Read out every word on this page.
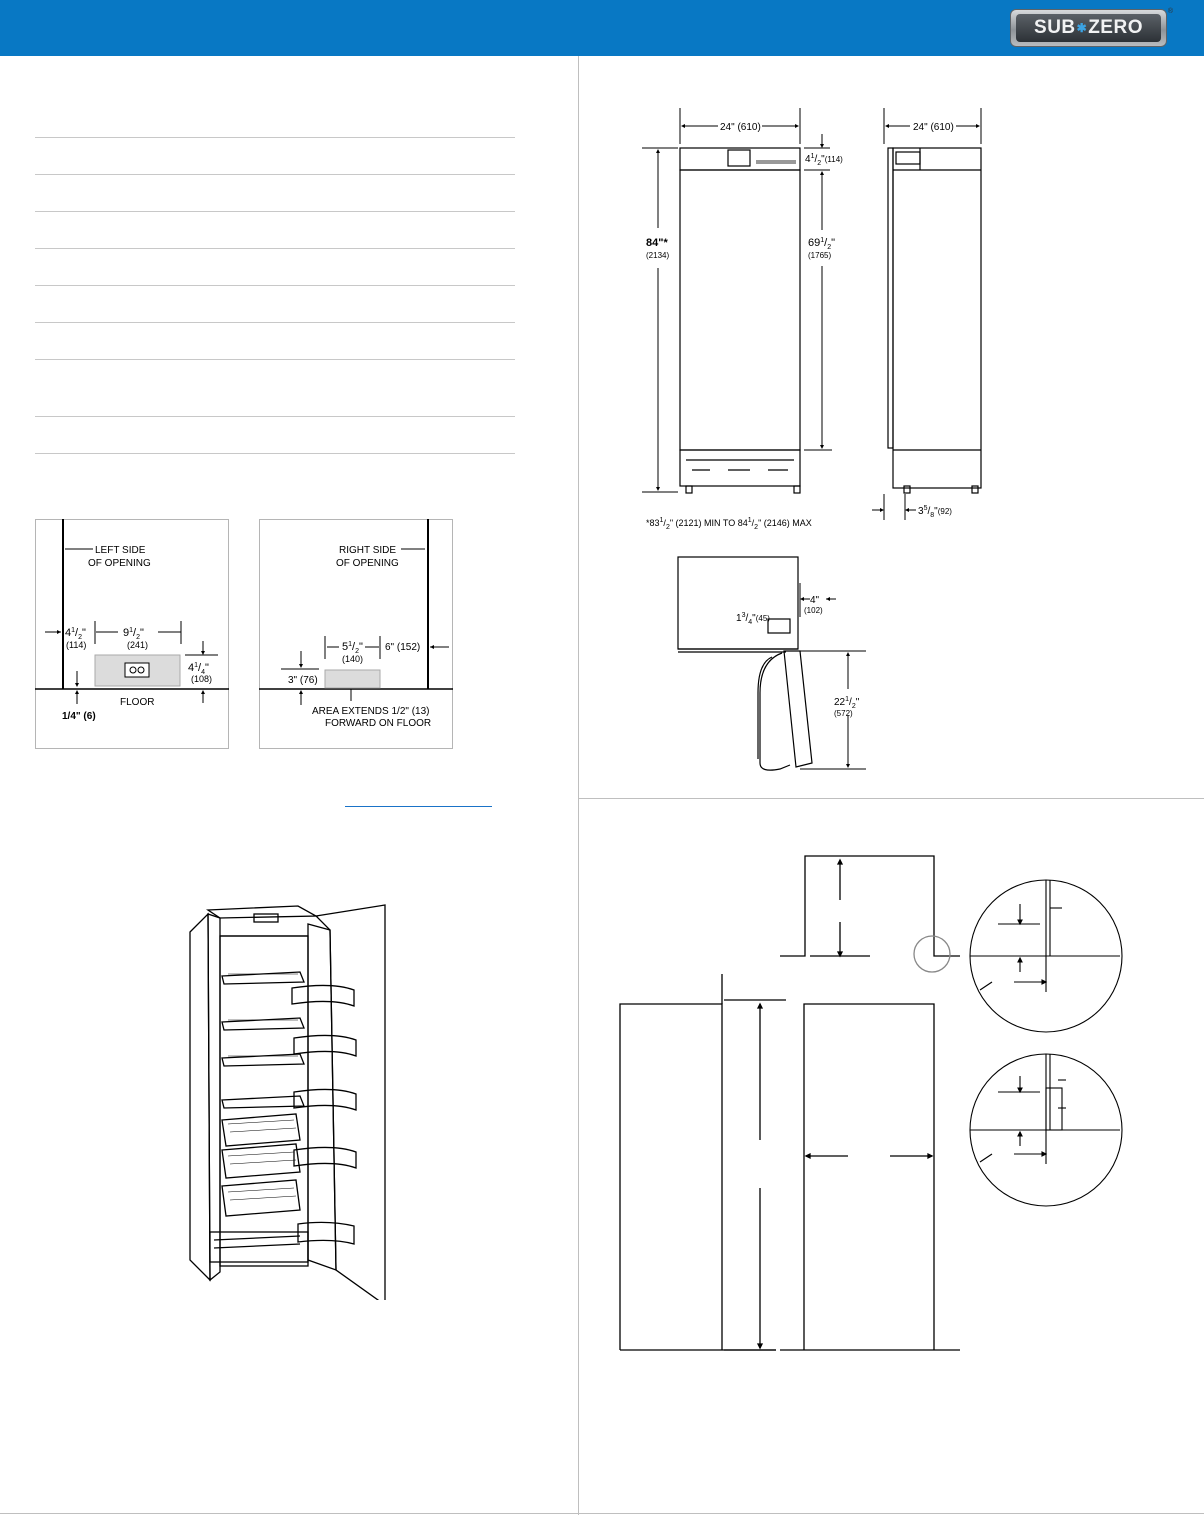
SUB ✱ ZERO
®
LEFT SIDE
OF OPENING
$4^1/_2$"
(114)
$9^1/_2$"
(241)
$4^1/_4$"
(108)
FLOOR
1/4" (6)
RIGHT SIDE
OF OPENING
$5^1/_2$"
(140)
6" (152)
3" (76)
AREA EXTENDS 1/2" (13)
FORWARD ON FLOOR
24" (610)
$4^1/_2"(114)$
$69^1/_2$"
(1765)
84"*
(2134)
$*83^1/_2$" (2121) MIN TO $84^1/_2$" (2146) MAX
24" (610)
$3^5/_8"(92)$
4"
(102)
$1^3/_4"(45)$
$22^1/_2$"
(572)
